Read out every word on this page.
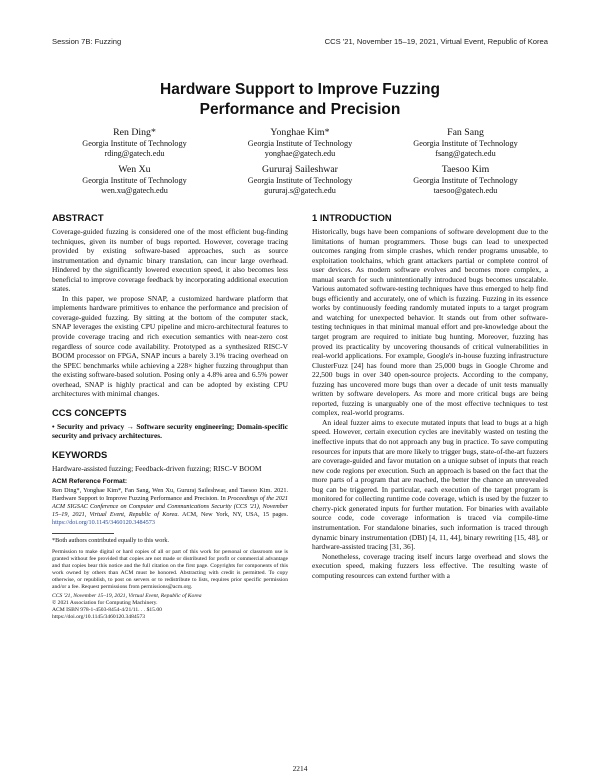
Session 7B: Fuzzing	CCS '21, November 15–19, 2021, Virtual Event, Republic of Korea
Hardware Support to Improve Fuzzing
Performance and Precision
Ren Ding*
Georgia Institute of Technology
rding@gatech.edu
Yonghae Kim*
Georgia Institute of Technology
yonghae@gatech.edu
Fan Sang
Georgia Institute of Technology
fsang@gatech.edu
Wen Xu
Georgia Institute of Technology
wen.xu@gatech.edu
Gururaj Saileshwar
Georgia Institute of Technology
gururaj.s@gatech.edu
Taesoo Kim
Georgia Institute of Technology
taesoo@gatech.edu
ABSTRACT

Coverage-guided fuzzing is considered one of the most efficient bug-finding techniques, given its number of bugs reported. However, coverage tracing provided by existing software-based approaches, such as source instrumentation and dynamic binary translation, can incur large overhead. Hindered by the significantly lowered execution speed, it also becomes less beneficial to improve coverage feedback by incorporating additional execution states.

In this paper, we propose SNAP, a customized hardware platform that implements hardware primitives to enhance the performance and precision of coverage-guided fuzzing. By sitting at the bottom of the computer stack, SNAP leverages the existing CPU pipeline and micro-architectural features to provide coverage tracing and rich execution semantics with near-zero cost regardless of source code availability. Prototyped as a synthesized RISC-V BOOM processor on FPGA, SNAP incurs a barely 3.1% tracing overhead on the SPEC benchmarks while achieving a 228× higher fuzzing throughput than the existing software-based solution. Posing only a 4.8% area and 6.5% power overhead, SNAP is highly practical and can be adopted by existing CPU architectures with minimal changes.

CCS CONCEPTS

• Security and privacy → Software security engineering; Domain-specific security and privacy architectures.

KEYWORDS

Hardware-assisted fuzzing; Feedback-driven fuzzing; RISC-V BOOM

ACM Reference Format:

Ren Ding*, Yonghae Kim*, Fan Sang, Wen Xu, Gururaj Saileshwar, and Taesoo Kim. 2021. Hardware Support to Improve Fuzzing Performance and Precision. In Proceedings of the 2021 ACM SIGSAC Conference on Computer and Communications Security (CCS '21), November 15–19, 2021, Virtual Event, Republic of Korea. ACM, New York, NY, USA, 15 pages. https://doi.org/10.1145/3460120.3484573

*Both authors contributed equally to this work.

Permission to make digital or hard copies of all or part of this work for personal or classroom use is granted without fee provided that copies are not made or distributed for profit or commercial advantage and that copies bear this notice and the full citation on the first page. Copyrights for components of this work owned by others than ACM must be honored. Abstracting with credit is permitted. To copy otherwise, or republish, to post on servers or to redistribute to lists, requires prior specific permission and/or a fee. Request permissions from permissions@acm.org.

CCS '21, November 15–19, 2021, Virtual Event, Republic of Korea

© 2021 Association for Computing Machinery.

ACM ISBN 978-1-4503-8454-4/21/11. . . $15.00

https://doi.org/10.1145/3460120.3484573

1 INTRODUCTION

Historically, bugs have been companions of software development due to the limitations of human programmers. Those bugs can lead to unexpected outcomes ranging from simple crashes, which render programs unusable, to exploitation toolchains, which grant attackers partial or complete control of user devices. As modern software evolves and becomes more complex, a manual search for such unintentionally introduced bugs becomes unscalable. Various automated software-testing techniques have thus emerged to help find bugs efficiently and accurately, one of which is fuzzing. Fuzzing in its essence works by continuously feeding randomly mutated inputs to a target program and watching for unexpected behavior. It stands out from other software-testing techniques in that minimal manual effort and pre-knowledge about the target program are required to initiate bug hunting. Moreover, fuzzing has proved its practicality by uncovering thousands of critical vulnerabilities in real-world applications. For example, Google's in-house fuzzing infrastructure ClusterFuzz [24] has found more than 25,000 bugs in Google Chrome and 22,500 bugs in over 340 open-source projects. According to the company, fuzzing has uncovered more bugs than over a decade of unit tests manually written by software developers. As more and more critical bugs are being reported, fuzzing is unarguably one of the most effective techniques to test complex, real-world programs.

An ideal fuzzer aims to execute mutated inputs that lead to bugs at a high speed. However, certain execution cycles are inevitably wasted on testing the ineffective inputs that do not approach any bug in practice. To save computing resources for inputs that are more likely to trigger bugs, state-of-the-art fuzzers are coverage-guided and favor mutation on a unique subset of inputs that reach new code regions per execution. Such an approach is based on the fact that the more parts of a program that are reached, the better the chance an unrevealed bug can be triggered. In particular, each execution of the target program is monitored for collecting runtime code coverage, which is used by the fuzzer to cherry-pick generated inputs for further mutation. For binaries with available source code, code coverage information is traced via compile-time instrumentation. For standalone binaries, such information is traced through dynamic binary instrumentation (DBI) [4, 11, 44], binary rewriting [15, 48], or hardware-assisted tracing [31, 36].

Nonetheless, coverage tracing itself incurs large overhead and slows the execution speed, making fuzzers less effective. The resulting waste of computing resources can extend further with a

2214
